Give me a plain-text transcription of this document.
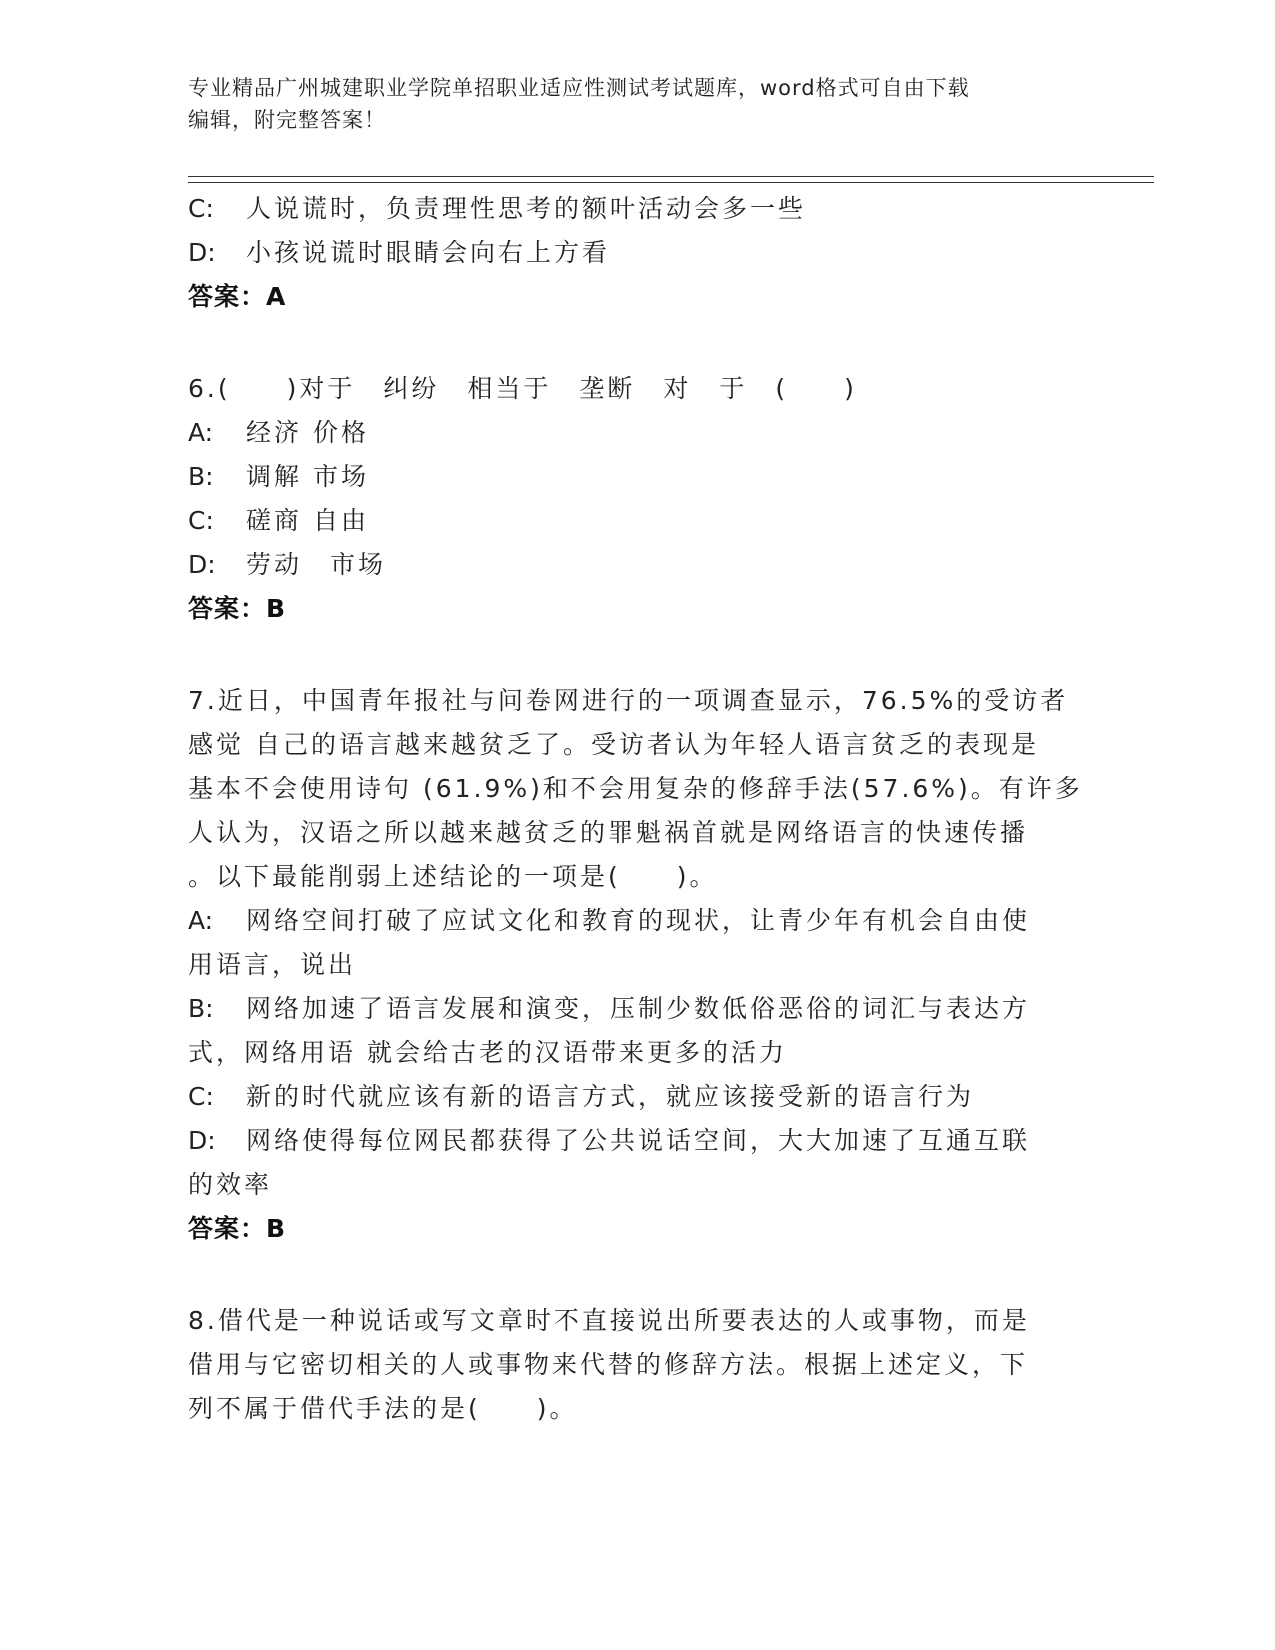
专业精品广州城建职业学院单招职业适应性测试考试题库，word格式可自由下载
编辑，附完整答案！
C: 人说谎时，负责理性思考的额叶活动会多一些
D: 小孩说谎时眼睛会向右上方看
答案：A
6.(　　)对于　纠纷　相当于　垄断　对　于　(　　)
A: 经济 价格
B: 调解 市场
C: 磋商 自由
D: 劳动　市场
答案：B
7.近日，中国青年报社与问卷网进行的一项调查显示，76.5%的受访者
感觉 自己的语言越来越贫乏了。受访者认为年轻人语言贫乏的表现是
基本不会使用诗句 (61.9%)和不会用复杂的修辞手法(57.6%)。有许多
人认为，汉语之所以越来越贫乏的罪魁祸首就是网络语言的快速传播
。以下最能削弱上述结论的一项是(　　)。
A: 网络空间打破了应试文化和教育的现状，让青少年有机会自由使
用语言，说出
B: 网络加速了语言发展和演变，压制少数低俗恶俗的词汇与表达方
式，网络用语 就会给古老的汉语带来更多的活力
C: 新的时代就应该有新的语言方式，就应该接受新的语言行为
D: 网络使得每位网民都获得了公共说话空间，大大加速了互通互联
的效率
答案：B
8.借代是一种说话或写文章时不直接说出所要表达的人或事物，而是
借用与它密切相关的人或事物来代替的修辞方法。根据上述定义，下
列不属于借代手法的是(　　)。
